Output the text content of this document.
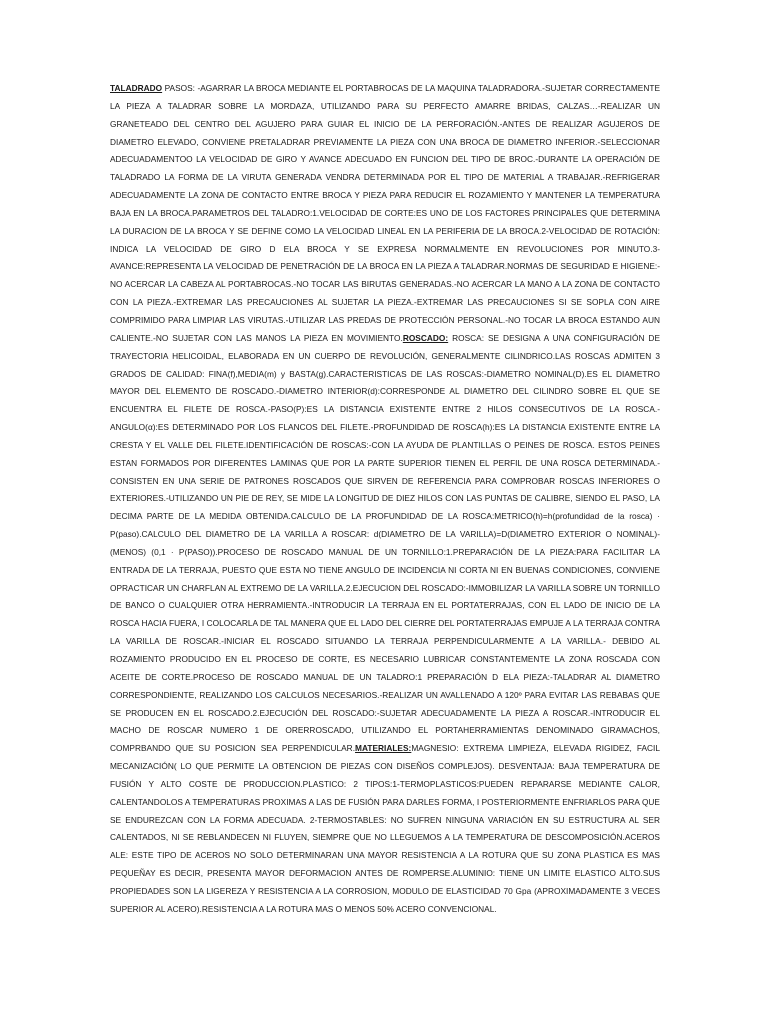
TALADRADO PASOS: -AGARRAR LA BROCA MEDIANTE EL PORTABROCAS DE LA MAQUINA TALADRADORA.-SUJETAR CORRECTAMENTE LA PIEZA A TALADRAR SOBRE LA MORDAZA, UTILIZANDO PARA SU PERFECTO AMARRE BRIDAS, CALZAS…-REALIZAR UN GRANETEADO DEL CENTRO DEL AGUJERO PARA GUIAR EL INICIO DE LA PERFORACIÓN.-ANTES DE REALIZAR AGUJEROS DE DIAMETRO ELEVADO, CONVIENE PRETALADRAR PREVIAMENTE LA PIEZA CON UNA BROCA DE DIAMETRO INFERIOR.-SELECCIONAR ADECUADAMENTOO LA VELOCIDAD DE GIRO Y AVANCE ADECUADO EN FUNCION DEL TIPO DE BROC.-DURANTE LA OPERACIÓN DE TALADRADO LA FORMA DE LA VIRUTA GENERADA VENDRA DETERMINADA POR EL TIPO DE MATERIAL A TRABAJAR.-REFRIGERAR ADECUADAMENTE LA ZONA DE CONTACTO ENTRE BROCA Y PIEZA PARA REDUCIR EL ROZAMIENTO Y MANTENER LA TEMPERATURA BAJA EN LA BROCA.PARAMETROS DEL TALADRO:1.VELOCIDAD DE CORTE:ES UNO DE LOS FACTORES PRINCIPALES QUE DETERMINA LA DURACION DE LA BROCA Y SE DEFINE COMO LA VELOCIDAD LINEAL EN LA PERIFERIA DE LA BROCA.2-VELOCIDAD DE ROTACIÓN: INDICA LA VELOCIDAD DE GIRO D ELA BROCA Y SE EXPRESA NORMALMENTE EN REVOLUCIONES POR MINUTO.3-AVANCE:REPRESENTA LA VELOCIDAD DE PENETRACIÓN DE LA BROCA EN LA PIEZA A TALADRAR.NORMAS DE SEGURIDAD E HIGIENE:-NO ACERCAR LA CABEZA AL PORTABROCAS.-NO TOCAR LAS BIRUTAS GENERADAS.-NO ACERCAR LA MANO A LA ZONA DE CONTACTO CON LA PIEZA.-EXTREMAR LAS PRECAUCIONES AL SUJETAR LA PIEZA.-EXTREMAR LAS PRECAUCIONES SI SE SOPLA CON AIRE COMPRIMIDO PARA LIMPIAR LAS VIRUTAS.-UTILIZAR LAS PREDAS DE PROTECCIÓN PERSONAL.-NO TOCAR LA BROCA ESTANDO AUN CALIENTE.-NO SUJETAR CON LAS MANOS LA PIEZA EN MOVIMIENTO.ROSCADO: ROSCA: SE DESIGNA A UNA CONFIGURACIÓN DE TRAYECTORIA HELICOIDAL, ELABORADA EN UN CUERPO DE REVOLUCIÓN, GENERALMENTE CILINDRICO.LAS ROSCAS ADMITEN 3 GRADOS DE CALIDAD: FINA(f),MEDIA(m) y BASTA(g).CARACTERISTICAS DE LAS ROSCAS:-DIAMETRO NOMINAL(D).ES EL DIAMETRO MAYOR DEL ELEMENTO DE ROSCADO.-DIAMETRO INTERIOR(d):CORRESPONDE AL DIAMETRO DEL CILINDRO SOBRE EL QUE SE ENCUENTRA EL FILETE DE ROSCA.-PASO(P):ES LA DISTANCIA EXISTENTE ENTRE 2 HILOS CONSECUTIVOS DE LA ROSCA.-ANGULO(α):ES DETERMINADO POR LOS FLANCOS DEL FILETE.-PROFUNDIDAD DE ROSCA(h):ES LA DISTANCIA EXISTENTE ENTRE LA CRESTA Y EL VALLE DEL FILETE.IDENTIFICACIÓN DE ROSCAS:-CON LA AYUDA DE PLANTILLAS O PEINES DE ROSCA. ESTOS PEINES ESTAN FORMADOS POR DIFERENTES LAMINAS QUE POR LA PARTE SUPERIOR TIENEN EL PERFIL DE UNA ROSCA DETERMINADA.-CONSISTEN EN UNA SERIE DE PATRONES ROSCADOS QUE SIRVEN DE REFERENCIA PARA COMPROBAR ROSCAS INFERIORES O EXTERIORES.-UTILIZANDO UN PIE DE REY, SE MIDE LA LONGITUD DE DIEZ HILOS CON LAS PUNTAS DE CALIBRE, SIENDO EL PASO, LA DECIMA PARTE DE LA MEDIDA OBTENIDA.CALCULO DE LA PROFUNDIDAD DE LA ROSCA:METRICO(h)=h(profundidad de la rosca) · P(paso).CALCULO DEL DIAMETRO DE LA VARILLA A ROSCAR: d(DIAMETRO DE LA VARILLA)=D(DIAMETRO EXTERIOR O NOMINAL)-(MENOS) (0,1 · P(PASO)).PROCESO DE ROSCADO MANUAL DE UN TORNILLO:1.PREPARACIÓN DE LA PIEZA:PARA FACILITAR LA ENTRADA DE LA TERRAJA, PUESTO QUE ESTA NO TIENE ANGULO DE INCIDENCIA NI CORTA NI EN BUENAS CONDICIONES, CONVIENE OPRACTICAR UN CHARFLAN AL EXTREMO DE LA VARILLA.2.EJECUCION DEL ROSCADO:-IMMOBILIZAR LA VARILLA SOBRE UN TORNILLO DE BANCO O CUALQUIER OTRA HERRAMIENTA.-INTRODUCIR LA TERRAJA EN EL PORTATERRAJAS, CON EL LADO DE INICIO DE LA ROSCA HACIA FUERA, I COLOCARLA DE TAL MANERA QUE EL LADO DEL CIERRE DEL PORTATERRAJAS EMPUJE A LA TERRAJA CONTRA LA VARILLA DE ROSCAR.-INICIAR EL ROSCADO SITUANDO LA TERRAJA PERPENDICULARMENTE A LA VARILLA.- DEBIDO AL ROZAMIENTO PRODUCIDO EN EL PROCESO DE CORTE, ES NECESARIO LUBRICAR CONSTANTEMENTE LA ZONA ROSCADA CON ACEITE DE CORTE.PROCESO DE ROSCADO MANUAL DE UN TALADRO:1 PREPARACIÓN D ELA PIEZA:-TALADRAR AL DIAMETRO CORRESPONDIENTE, REALIZANDO LOS CALCULOS NECESARIOS.-REALIZAR UN AVALLENADO A 120º PARA EVITAR LAS REBABAS QUE SE PRODUCEN EN EL ROSCADO.2.EJECUCIÓN DEL ROSCADO:-SUJETAR ADECUADAMENTE LA PIEZA A ROSCAR.-INTRODUCIR EL MACHO DE ROSCAR NUMERO 1 DE ORERROSCADO, UTILIZANDO EL PORTAHERRAMIENTAS DENOMINADO GIRAMACHOS, COMPRBANDO QUE SU POSICION SEA PERPENDICULAR.MATERIALES:MAGNESIO: EXTREMA LIMPIEZA, ELEVADA RIGIDEZ, FACIL MECANIZACIÓN( LO QUE PERMITE LA OBTENCION DE PIEZAS CON DISEÑOS COMPLEJOS). DESVENTAJA: BAJA TEMPERATURA DE FUSIÓN Y ALTO COSTE DE PRODUCCION.PLASTICO: 2 TIPOS:1-TERMOPLASTICOS:PUEDEN REPARARSE MEDIANTE CALOR, CALENTANDOLOS A TEMPERATURAS PROXIMAS A LAS DE FUSIÓN PARA DARLES FORMA, I POSTERIORMENTE ENFRIARLOS PARA QUE SE ENDUREZCAN CON LA FORMA ADECUADA. 2-TERMOSTABLES: NO SUFREN NINGUNA VARIACIÓN EN SU ESTRUCTURA AL SER CALENTADOS, NI SE REBLANDECEN NI FLUYEN, SIEMPRE QUE NO LLEGUEMOS A LA TEMPERATURA DE DESCOMPOSICIÓN.ACEROS ALE: ESTE TIPO DE ACEROS NO SOLO DETERMINARAN UNA MAYOR RESISTENCIA A LA ROTURA QUE SU ZONA PLASTICA ES MAS PEQUEÑAY ES DECIR, PRESENTA MAYOR DEFORMACION ANTES DE ROMPERSE.ALUMINIO: TIENE UN LIMITE ELASTICO ALTO.SUS PROPIEDADES SON LA LIGEREZA Y RESISTENCIA A LA CORROSION, MODULO DE ELASTICIDAD 70 Gpa (APROXIMADAMENTE 3 VECES SUPERIOR AL ACERO).RESISTENCIA A LA ROTURA MAS O MENOS 50% ACERO CONVENCIONAL.
